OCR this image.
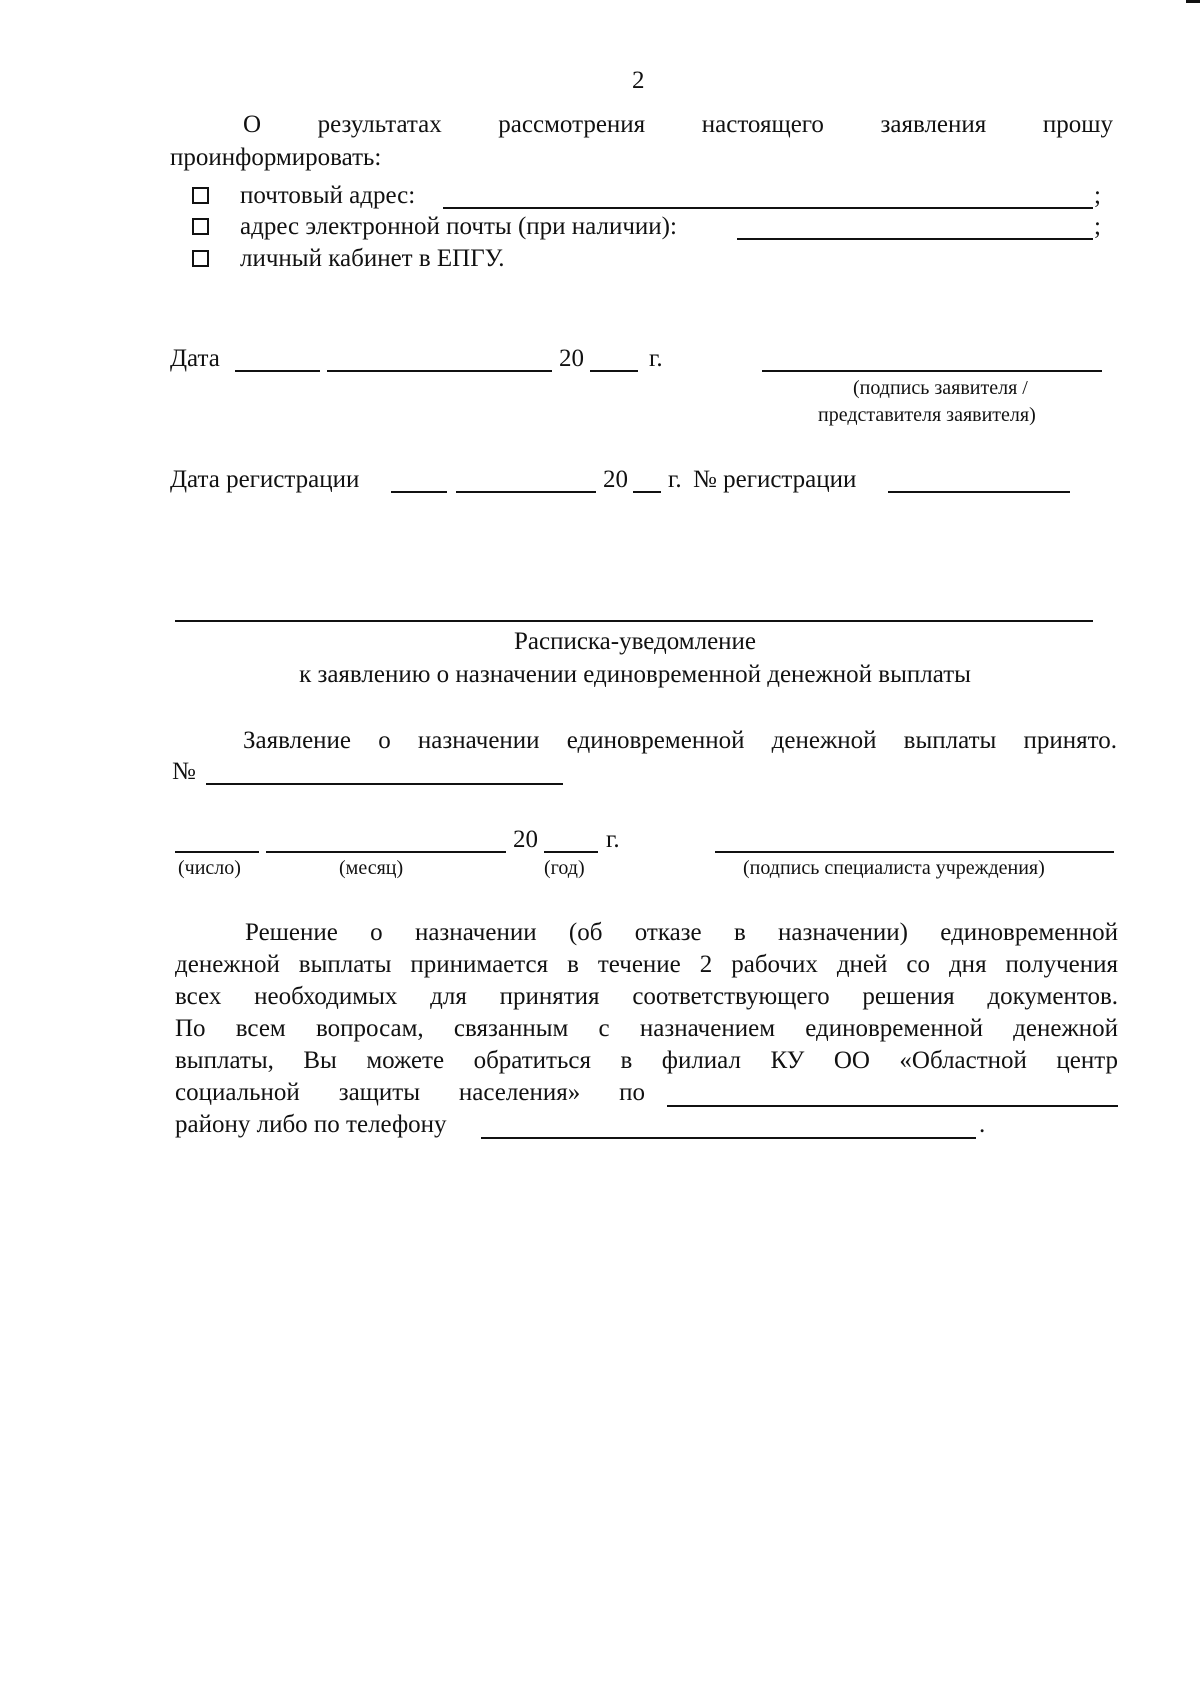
2
О результатах рассмотрения настоящего заявления прошу
проинформировать:
почтовый адрес:	;
адрес электронной почты (при наличии):	;
личный кабинет в ЕПГУ.
Дата	20	г.
(подпись заявителя /
представителя заявителя)
Дата регистрации	20 г. № регистрации
Расписка-уведомление
к заявлению о назначении единовременной денежной выплаты
Заявление о назначении единовременной денежной выплаты принято.
№
20	г.
(число)	(месяц)	(год)	(подпись специалиста учреждения)
Решение о назначении (об отказе в назначении) единовременной
денежной выплаты принимается в течение 2 рабочих дней со дня получения
всех необходимых для принятия соответствующего решения документов.
По всем вопросам, связанным с назначением единовременной денежной
выплаты, Вы можете обратиться в филиал КУ ОО «Областной центр
социальной защиты населения» по
району либо по телефону	.
